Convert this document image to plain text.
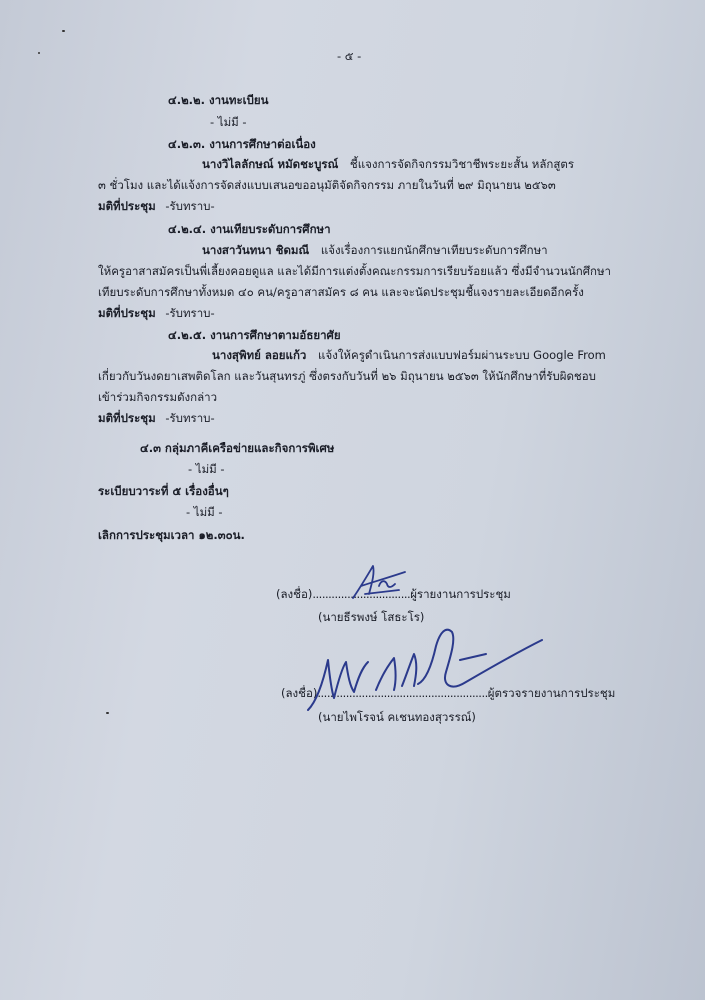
- ๕ -
๔.๒.๒. งานทะเบียน
- ไม่มี -
๔.๒.๓. งานการศึกษาต่อเนื่อง
นางวิไลลักษณ์ หมัดชะบูรณ์ ชี้แจงการจัดกิจกรรมวิชาชีพระยะสั้น หลักสูตร
๓ ชั่วโมง และได้แจ้งการจัดส่งแบบเสนอขออนุมัติจัดกิจกรรม ภายในวันที่ ๒๙ มิถุนายน ๒๕๖๓
มติที่ประชุม -รับทราบ-
๔.๒.๔. งานเทียบระดับการศึกษา
นางสาวันทนา ชิดมณี แจ้งเรื่องการแยกนักศึกษาเทียบระดับการศึกษา
ให้ครูอาสาสมัครเป็นพี่เลี้ยงคอยดูแล และได้มีการแต่งตั้งคณะกรรมการเรียบร้อยแล้ว ซึ่งมีจำนวนนักศึกษา
เทียบระดับการศึกษาทั้งหมด ๔๐ คน/ครูอาสาสมัคร ๘ คน และจะนัดประชุมชี้แจงรายละเอียดอีกครั้ง
มติที่ประชุม -รับทราบ-
๔.๒.๕. งานการศึกษาตามอัธยาศัย
นางสุพิทย์ ลอยแก้ว แจ้งให้ครูดำเนินการส่งแบบฟอร์มผ่านระบบ Google From
เกี่ยวกับวันงดยาเสพติดโลก และวันสุนทรภู่ ซึ่งตรงกับวันที่ ๒๖ มิถุนายน ๒๕๖๓ ให้นักศึกษาที่รับผิดชอบ
เข้าร่วมกิจกรรมดังกล่าว
มติที่ประชุม -รับทราบ-
๔.๓ กลุ่มภาคีเครือข่ายและกิจการพิเศษ
- ไม่มี -
ระเบียบวาระที่ ๕ เรื่องอื่นๆ
- ไม่มี -
เลิกการประชุมเวลา ๑๒.๓๐น.
(ลงชื่อ)...............................ผู้รายงานการประชุม
(นายธีรพงษ์ โสธะโร)
(ลงชื่อ)......................................................ผู้ตรวจรายงานการประชุม
(นายไพโรจน์ คเชนทองสุวรรณ์)
